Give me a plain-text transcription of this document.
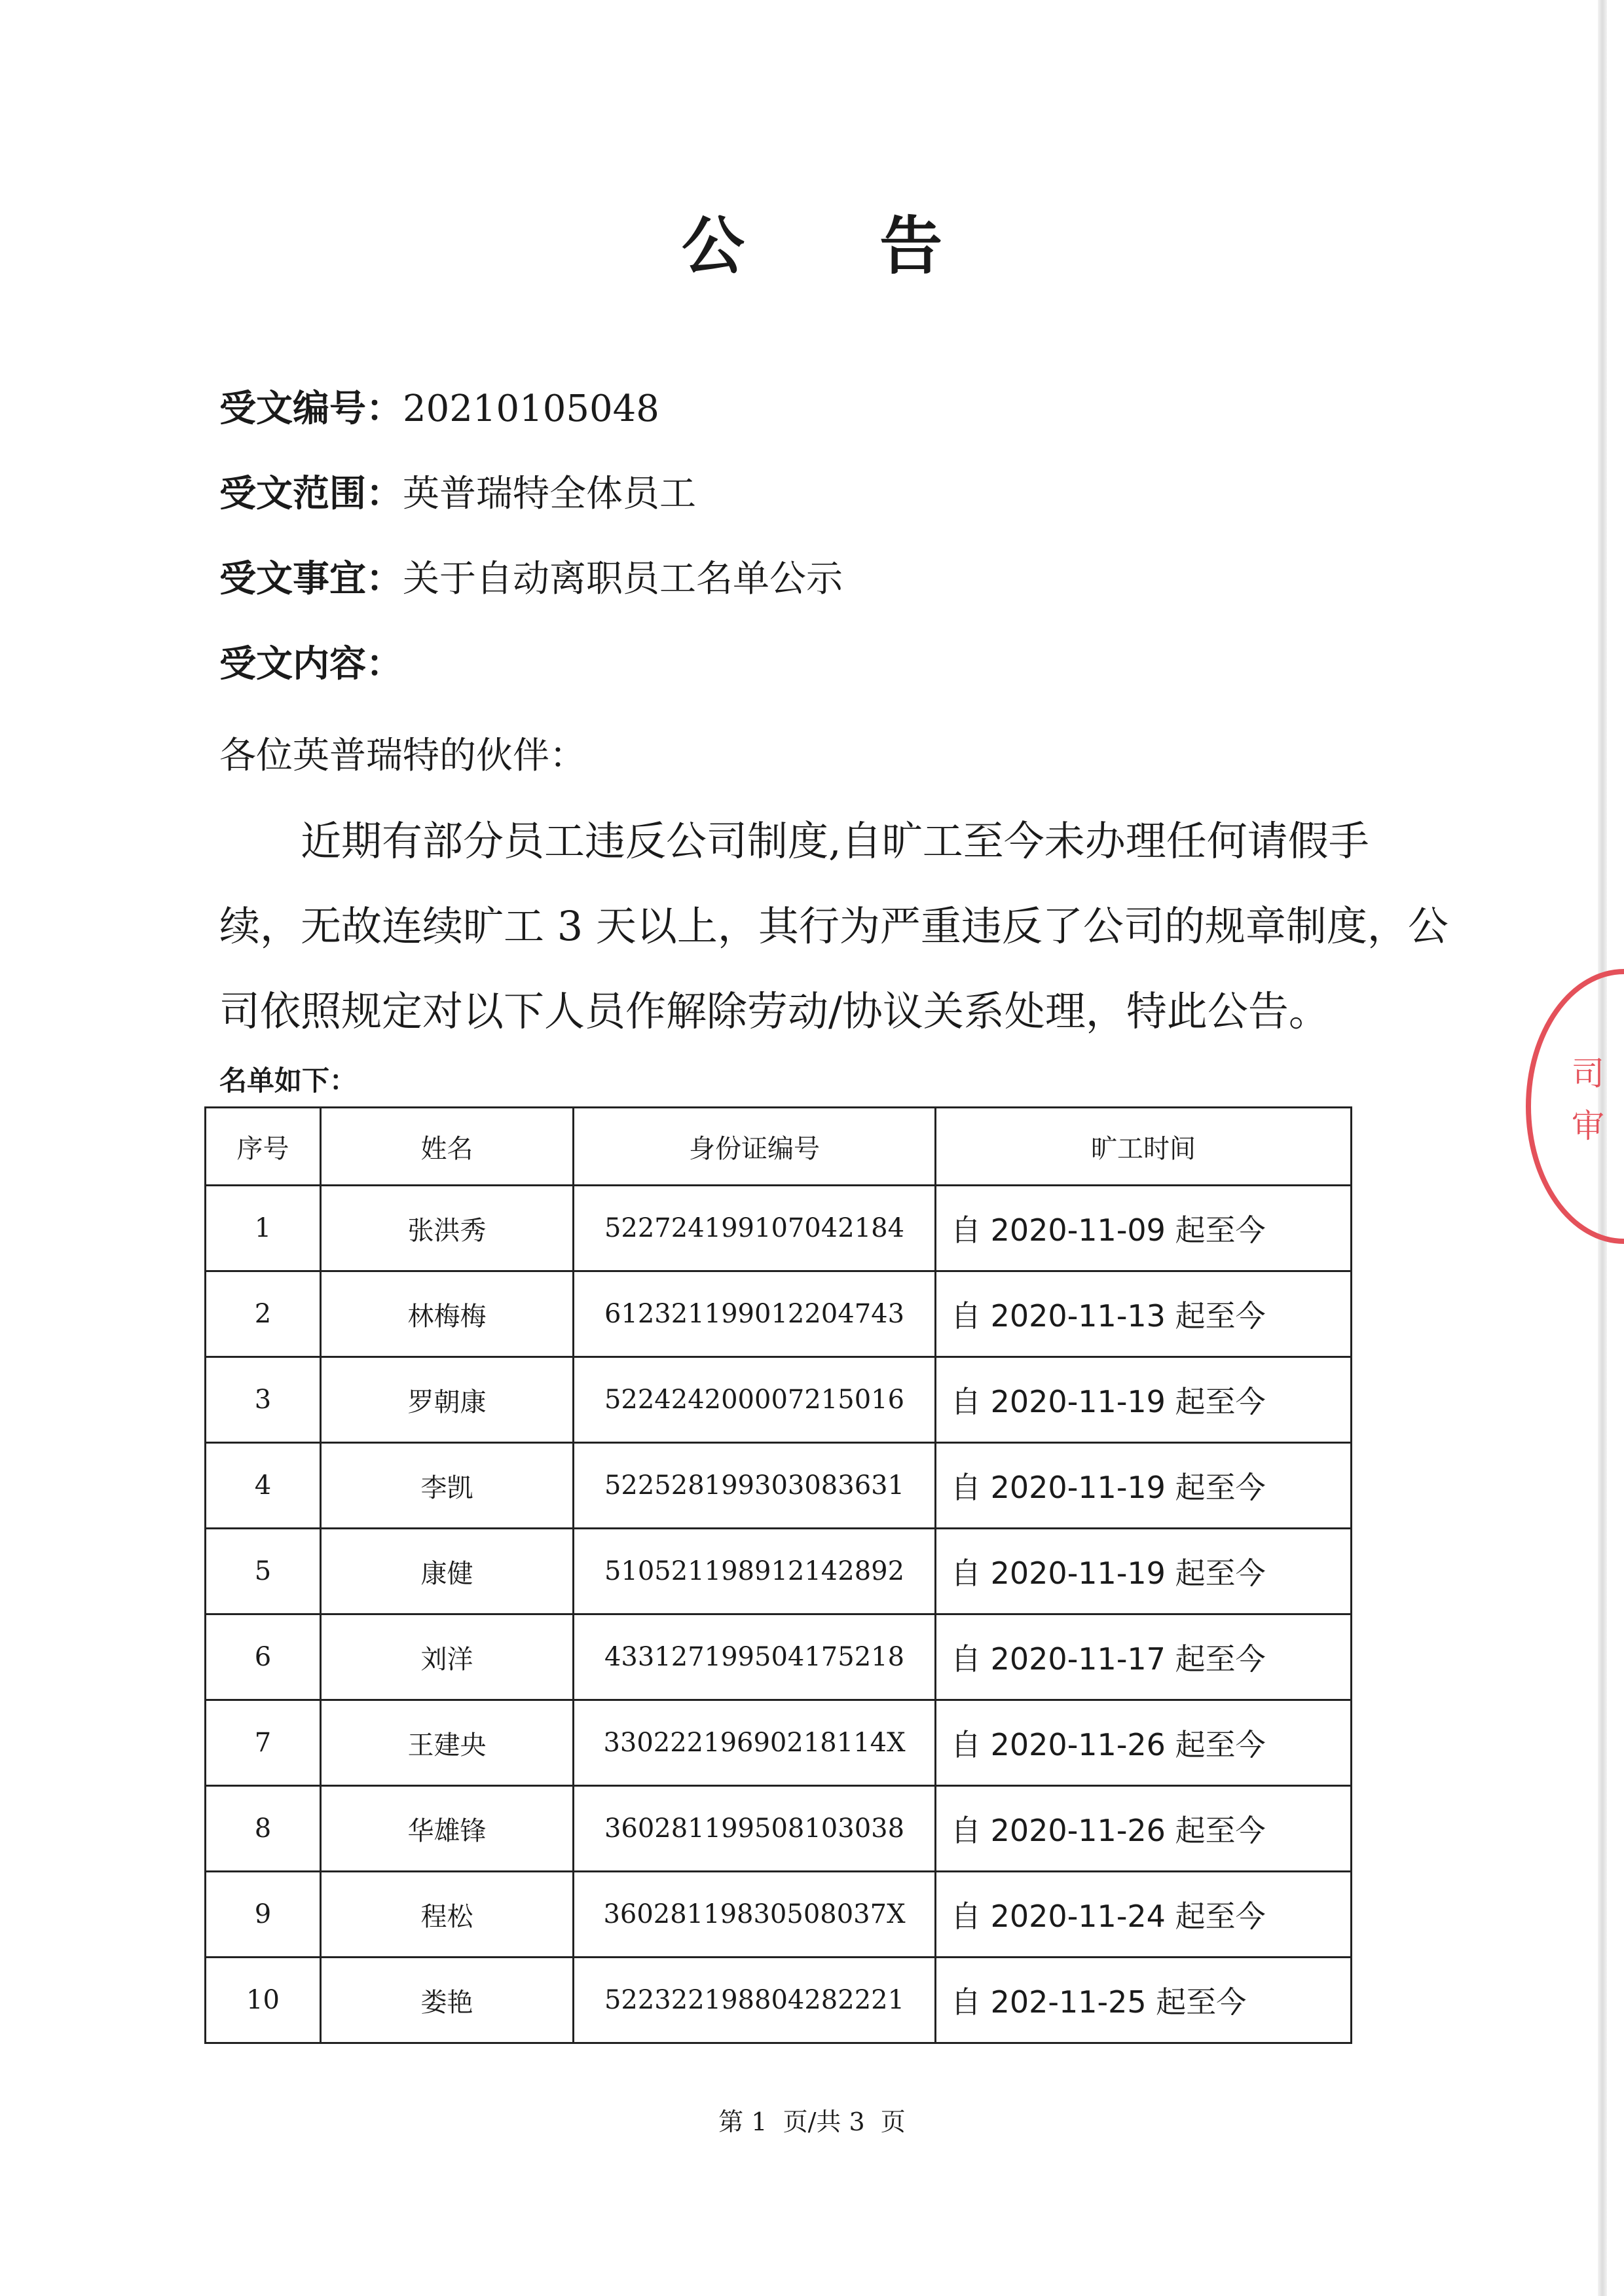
公 告
受文编号：20210105048
受文范围：英普瑞特全体员工
受文事宜：关于自动离职员工名单公示
受文内容：
各位英普瑞特的伙伴：
　　近期有部分员工违反公司制度,自旷工至今未办理任何请假手
续，无故连续旷工 3 天以上，其行为严重违反了公司的规章制度，公
司依照规定对以下人员作解除劳动/协议关系处理，特此公告。
名单如下：
序号	姓名	身份证编号	旷工时间
1	张洪秀	522724199107042184	自 2020-11-09 起至今
2	林梅梅	612321199012204743	自 2020-11-13 起至今
3	罗朝康	522424200007215016	自 2020-11-19 起至今
4	李凯	522528199303083631	自 2020-11-19 起至今
5	康健	510521198912142892	自 2020-11-19 起至今
6	刘洋	433127199504175218	自 2020-11-17 起至今
7	王建央	33022219690218114X	自 2020-11-26 起至今
8	华雄锋	360281199508103038	自 2020-11-26 起至今
9	程松	36028119830508037X	自 2020-11-24 起至今
10	娄艳	522322198804282221	自 202-11-25 起至今
第 1  页/共 3  页
司 审
